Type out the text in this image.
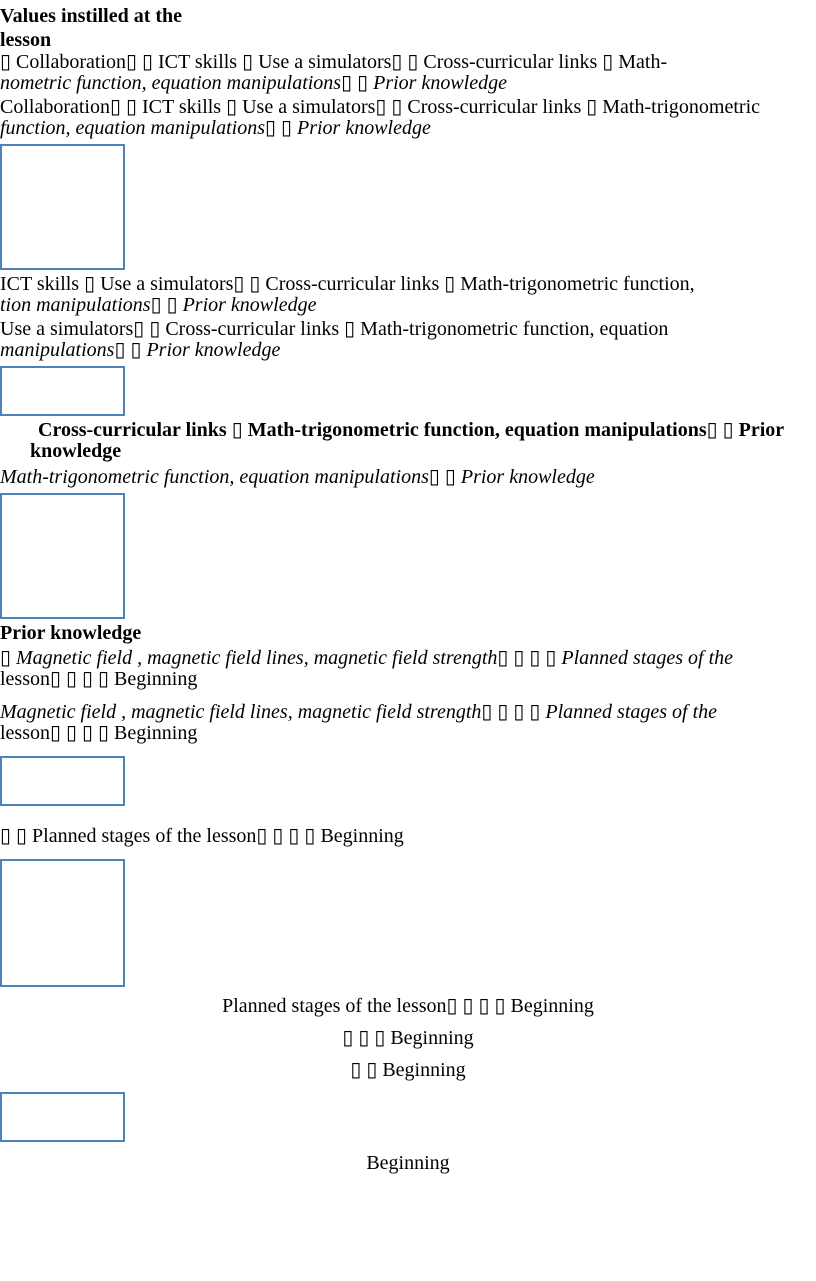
Values instilled at the lesson
▯ Collaboration▯ ▯ ICT skills ▯ Use a simulators▯ ▯ Cross-curricular links ▯ Math-
nometric function, equation manipulations▯ ▯ Prior knowledge
Collaboration▯ ▯ ICT skills ▯ Use a simulators▯ ▯ Cross-curricular links ▯ Math-trigonometric
function, equation manipulations▯ ▯ Prior knowledge
ICT skills ▯ Use a simulators▯ ▯ Cross-curricular links ▯ Math-trigonometric function,
tion manipulations▯ ▯ Prior knowledge
Use a simulators▯ ▯ Cross-curricular links ▯ Math-trigonometric function, equation
manipulations▯ ▯ Prior knowledge
Cross-curricular links ▯ Math-trigonometric function, equation manipulations▯ ▯ Prior
knowledge
Math-trigonometric function, equation manipulations▯ ▯ Prior knowledge
Prior knowledge
▯ Magnetic field , magnetic field lines, magnetic field strength▯ ▯ ▯ ▯ Planned stages of the
lesson▯ ▯ ▯ ▯ Beginning
Magnetic field , magnetic field lines, magnetic field strength▯ ▯ ▯ ▯ Planned stages of the
lesson▯ ▯ ▯ ▯ Beginning
▯ ▯ Planned stages of the lesson▯ ▯ ▯ ▯ Beginning
Planned stages of the lesson▯ ▯ ▯ ▯ Beginning
▯ ▯ ▯ Beginning
▯ ▯ Beginning
Beginning
